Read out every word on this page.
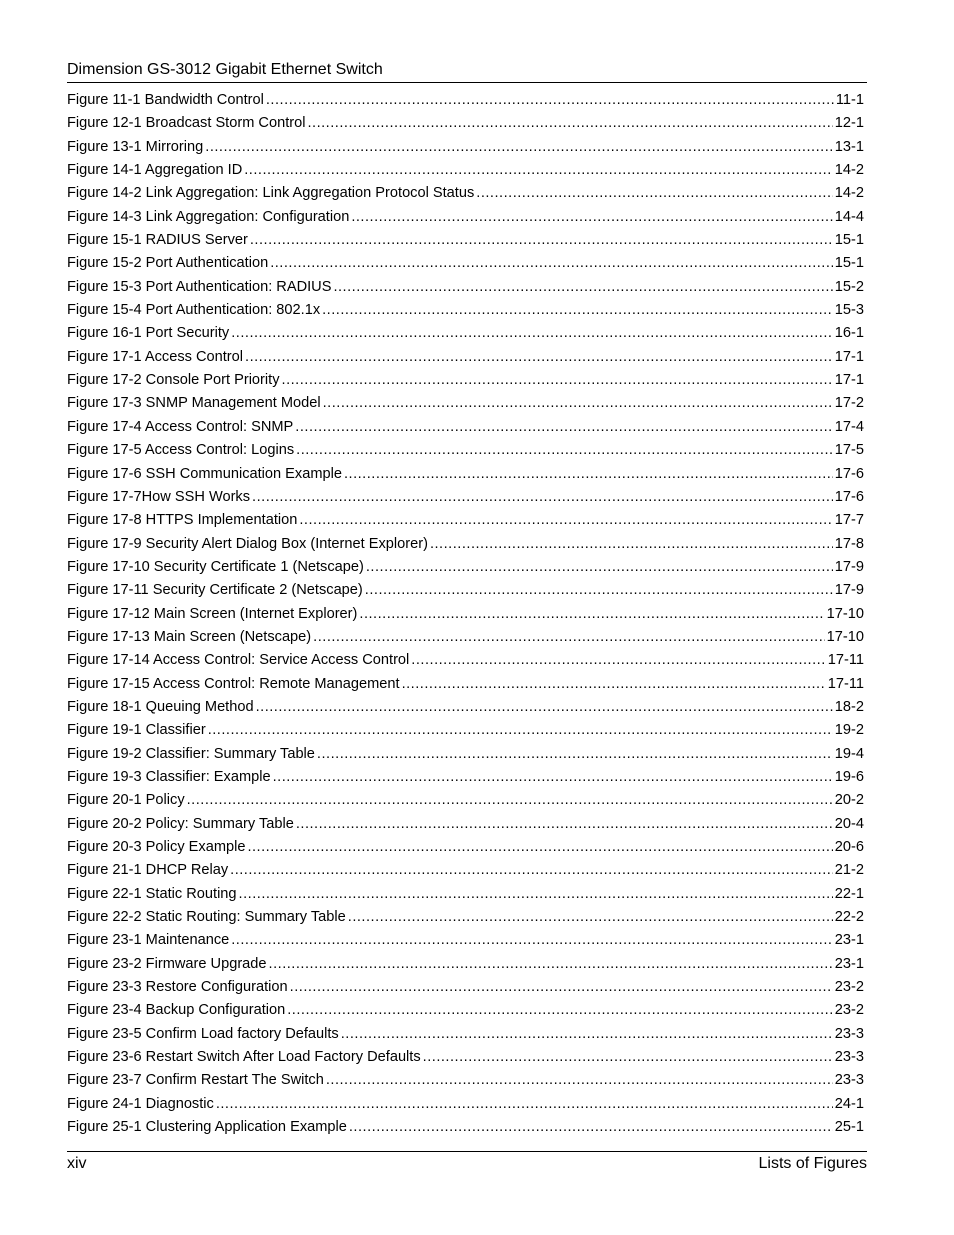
Dimension GS-3012 Gigabit Ethernet Switch
Figure 11-1 Bandwidth Control .....	11-1
Figure 12-1 Broadcast Storm Control .....	12-1
Figure 13-1 Mirroring .....	13-1
Figure 14-1 Aggregation ID .....	14-2
Figure 14-2 Link Aggregation: Link Aggregation Protocol Status .....	14-2
Figure 14-3 Link Aggregation: Configuration .....	14-4
Figure 15-1 RADIUS Server .....	15-1
Figure 15-2 Port Authentication .....	15-1
Figure 15-3 Port Authentication: RADIUS .....	15-2
Figure 15-4 Port Authentication: 802.1x .....	15-3
Figure 16-1 Port Security .....	16-1
Figure 17-1 Access Control .....	17-1
Figure 17-2 Console Port Priority .....	17-1
Figure 17-3 SNMP Management Model .....	17-2
Figure 17-4 Access Control: SNMP .....	17-4
Figure 17-5 Access Control: Logins .....	17-5
Figure 17-6 SSH Communication Example .....	17-6
Figure 17-7How SSH Works .....	17-6
Figure 17-8 HTTPS Implementation .....	17-7
Figure 17-9 Security Alert Dialog Box (Internet Explorer) .....	17-8
Figure 17-10 Security Certificate 1 (Netscape) .....	17-9
Figure 17-11 Security Certificate 2 (Netscape) .....	17-9
Figure 17-12 Main Screen (Internet Explorer) .....	17-10
Figure 17-13 Main Screen (Netscape) .....	17-10
Figure 17-14 Access Control: Service Access Control .....	17-11
Figure 17-15 Access Control: Remote Management .....	17-11
Figure 18-1 Queuing Method .....	18-2
Figure 19-1 Classifier .....	19-2
Figure 19-2 Classifier: Summary Table .....	19-4
Figure 19-3 Classifier: Example .....	19-6
Figure 20-1 Policy .....	20-2
Figure 20-2 Policy: Summary Table .....	20-4
Figure 20-3 Policy Example .....	20-6
Figure 21-1 DHCP Relay .....	21-2
Figure 22-1 Static Routing .....	22-1
Figure 22-2 Static Routing: Summary Table .....	22-2
Figure 23-1 Maintenance .....	23-1
Figure 23-2 Firmware Upgrade .....	23-1
Figure 23-3 Restore Configuration .....	23-2
Figure 23-4 Backup Configuration .....	23-2
Figure 23-5 Confirm Load factory Defaults .....	23-3
Figure 23-6 Restart Switch After Load Factory Defaults .....	23-3
Figure 23-7 Confirm Restart The Switch .....	23-3
Figure 24-1 Diagnostic .....	24-1
Figure 25-1 Clustering Application Example .....	25-1
xiv	Lists of Figures
